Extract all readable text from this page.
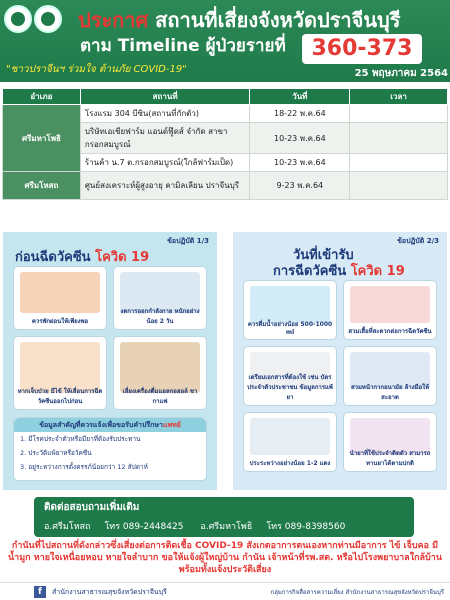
ประกาศ สถานที่เสี่ยงจังหวัดปราจีนบุรี
ตาม Timeline ผู้ป่วยรายที่	360-373
"ชาวปราจีนฯ ร่วมใจ ต้านภัย COVID-19"	25 พฤษภาคม 2564
อำเภอ	สถานที่	วันที่	เวลา
ศรีมหาโพธิ	โรงแรม 304 บีซิน(สถานที่กักตัว)	18-22 พ.ค.64	
	บริษัทเอเชียฟาร์ม แอนด์ฟู๊ดส์ จำกัด สาขากรอกสมบูรณ์	10-23 พ.ค.64	
	ร้านค้า น.7 ต.กรอกสมบูรณ์(ใกล้ฟาร์มเป็ด)	10-23 พ.ค.64	
ศรีมโหสถ	ศูนย์สงเคราะห์ผู้สูงอายุ คามิลเลียน ปราจีนบุรี	9-23 พ.ค.64	
ข้อปฏิบัติ 1/3
ก่อนฉีดวัคซีน โควิด 19
ควรพักผ่อนให้เพียงพอ
งดการออกกำลังกาย หนักอย่างน้อย 2 วัน
หากเจ็บป่วย มีไข้ ให้เลื่อนการฉีดวัคซีนออกไปก่อน
เลี่ยงเครื่องดื่มแอลกอฮอล์ ชา กาแฟ
ข้อมูลสำคัญที่ควรแจ้งเพื่อขอรับคำปรึกษาแพทย์
1. มีโรคประจำตัวหรือมียาที่ต้องรับประทาน
2. ประวัติแพ้ยาหรือวัคซีน
3. อยู่ระหว่างการตั้งครรภ์น้อยกว่า 12 สัปดาห์
ข้อปฏิบัติ 2/3
วันที่เข้ารับ
การฉีดวัคซีน โควิด 19
ควรดื่มน้ำอย่างน้อย 500-1000 ml	สวมเสื้อที่สะดวกต่อการฉีดวัคซีน
เตรียมเอกสารที่ต้องใช้ เช่น บัตรประจำตัวประชาชน ข้อมูลการแพ้ยา
สวมหน้ากากอนามัย ล้างมือให้สะอาด
ประระหว่างอย่างน้อย 1-2 แดง
นำยาที่ใช้ประจำติดตัว สามารถทานยาได้ตามปกติ
ติดต่อสอบถามเพิ่มเติม
อ.ศรีมโหสถ โทร 089-2448425 อ.ศรีมหาโพธิ โทร 089-8398560
กำนันที่ไปสถานที่ดังกล่าวซึ่งเสี่ยงต่อการติดเชื้อ COVID-19 สังเกตอาการตนเองหากท่านมีอาการ ไข้ เจ็บคอ มีน้ำมูก หายใจเหนื่อยหอบ หายใจลำบาก ขอให้แจ้งผู้ใหญ่บ้าน กำนัน เจ้าหน้าที่รพ.สต. หรือไปโรงพยาบาลใกล้บ้านพร้อมทั้งแจ้งประวัติเสี่ยง
f	สำนักงานสาธารณสุขจังหวัดปราจีนบุรี	กลุ่มการกิจสื่อสารความเสี่ยง สำนักงานสาธารณสุขจังหวัดปราจีนบุรี
